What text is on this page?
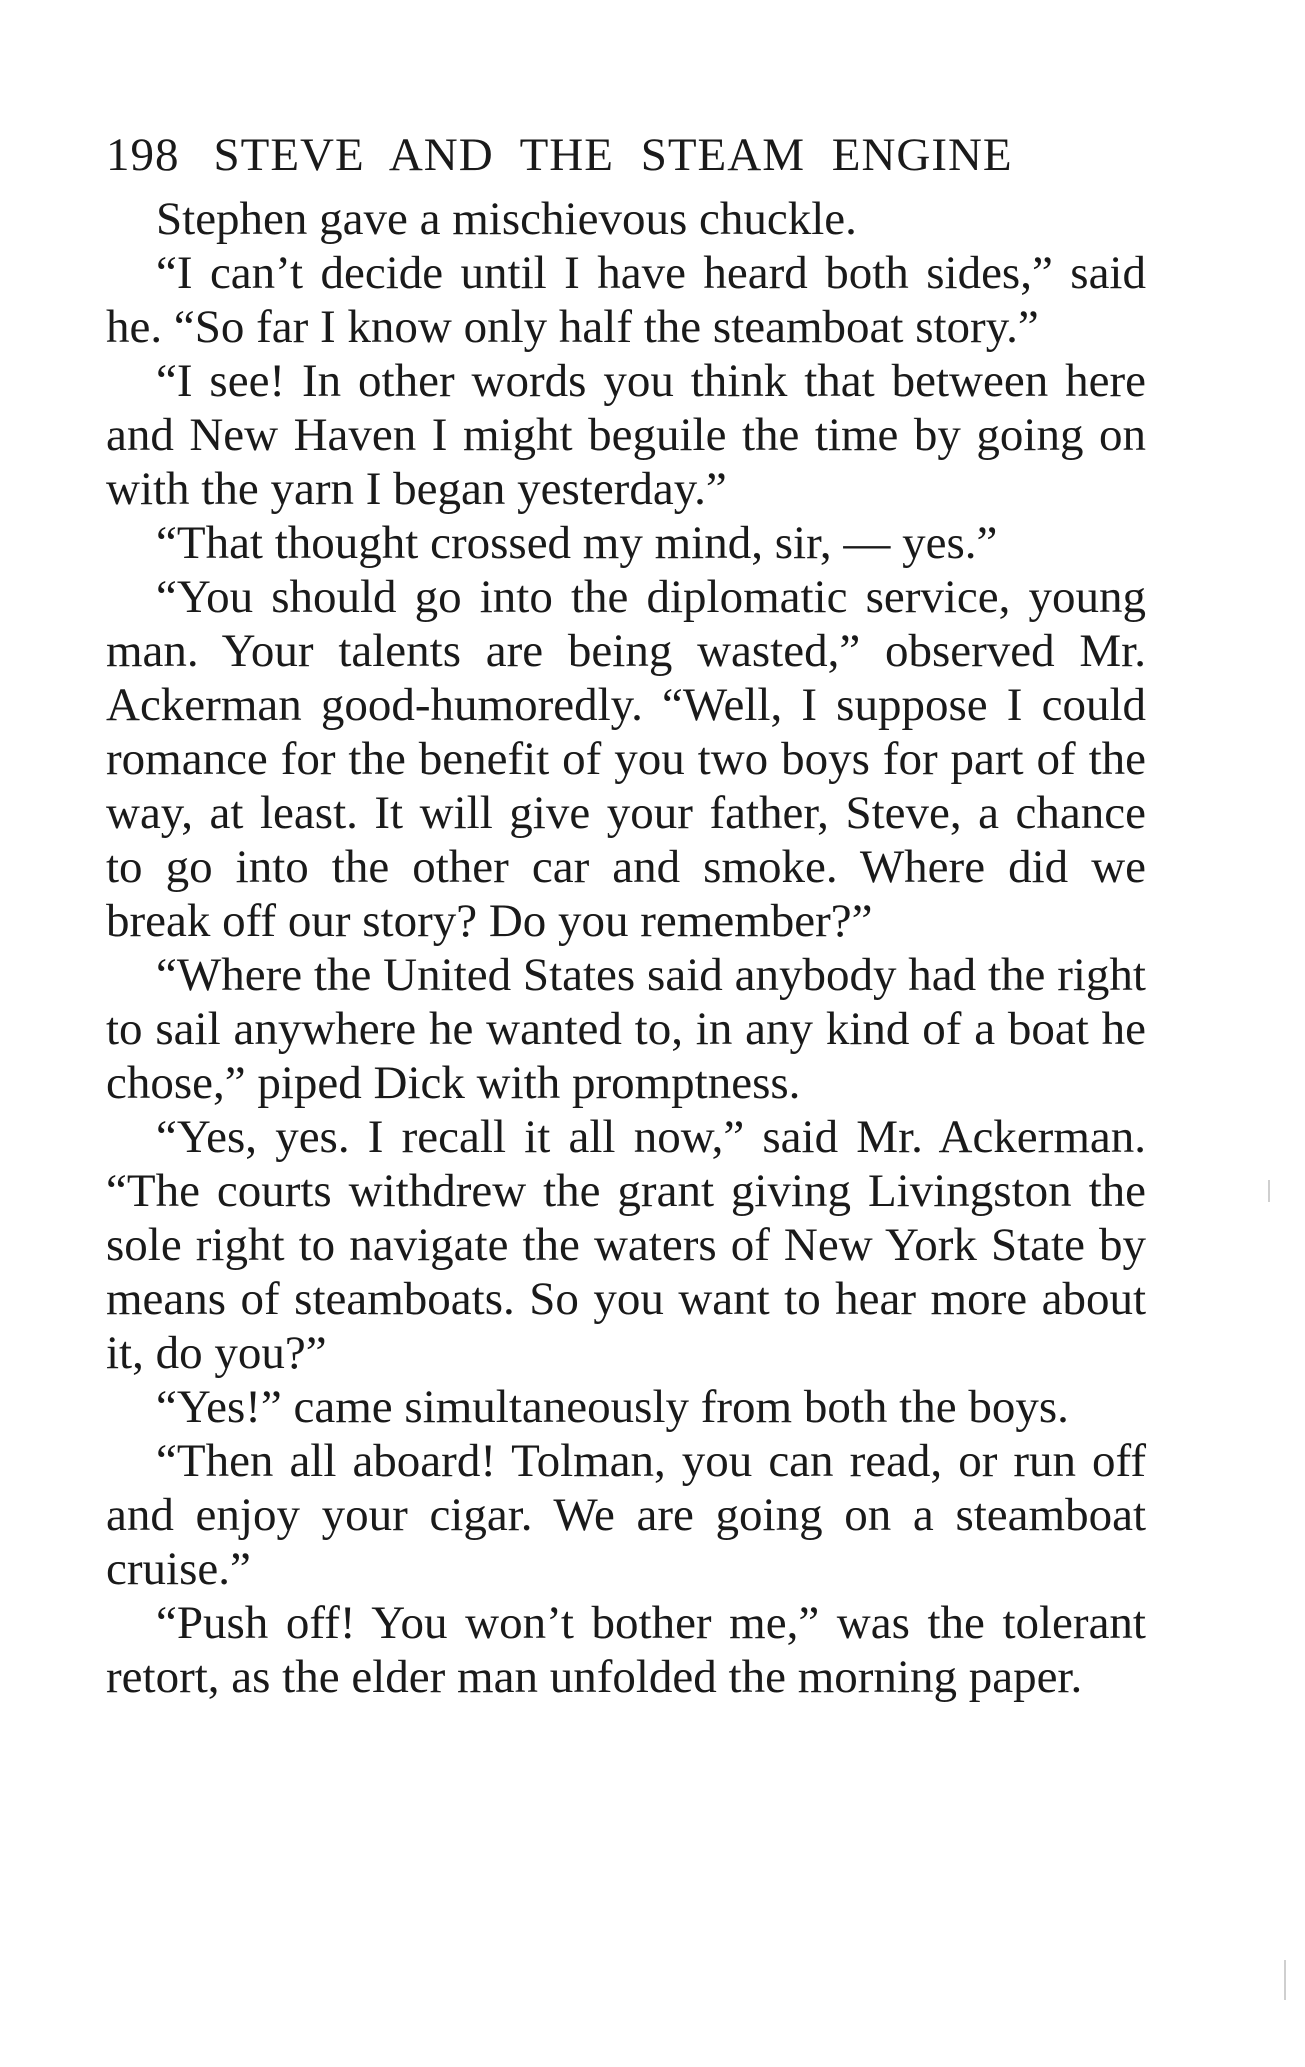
198 STEVE AND THE STEAM ENGINE

Stephen gave a mischievous chuckle.

“I can’t decide until I have heard both sides,” said he. “So far I know only half the steamboat story.”

“I see! In other words you think that between here and New Haven I might beguile the time by going on with the yarn I began yesterday.”

“That thought crossed my mind, sir, — yes.”

“You should go into the diplomatic service, young man. Your talents are being wasted,” observed Mr. Ackerman good-humoredly. “Well, I suppose I could romance for the benefit of you two boys for part of the way, at least. It will give your father, Steve, a chance to go into the other car and smoke. Where did we break off our story? Do you remember?”

“Where the United States said anybody had the right to sail anywhere he wanted to, in any kind of a boat he chose,” piped Dick with promptness.

“Yes, yes. I recall it all now,” said Mr. Ackerman. “The courts withdrew the grant giving Livingston the sole right to navigate the waters of New York State by means of steamboats. So you want to hear more about it, do you?”

“Yes!” came simultaneously from both the boys.

“Then all aboard! Tolman, you can read, or run off and enjoy your cigar. We are going on a steamboat cruise.”

“Push off! You won’t bother me,” was the tolerant retort, as the elder man unfolded the morning paper.
